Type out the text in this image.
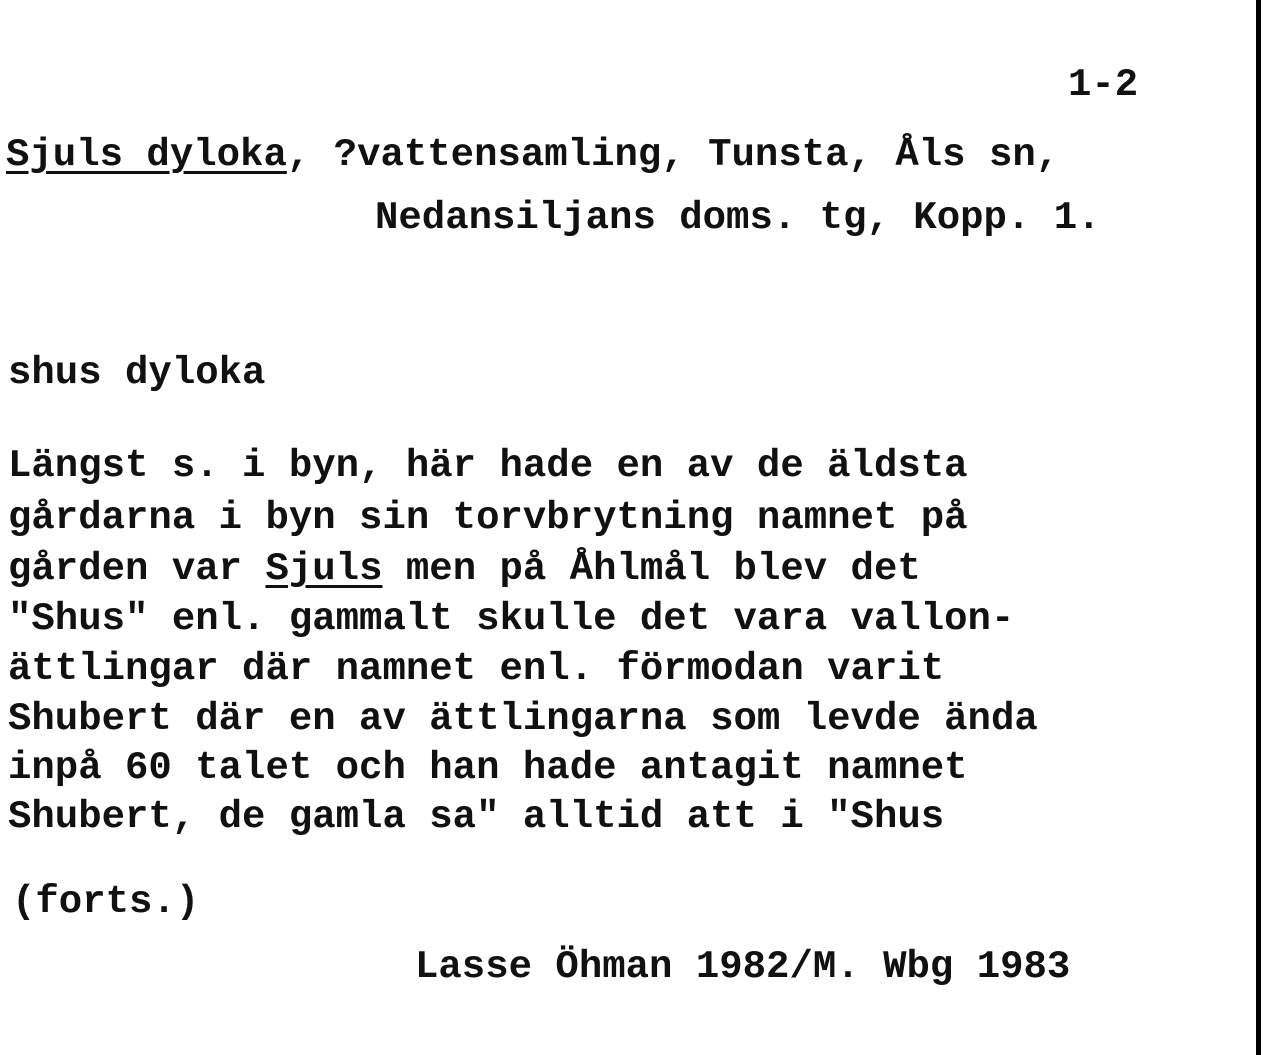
1-2
Sjuls dyloka, ?vattensamling, Tunsta, Åls sn,
Nedansiljans doms. tg, Kopp. 1.
shus dyloka
Längst s. i byn, här hade en av de äldsta
gårdarna i byn sin torvbrytning namnet på
gården var Sjuls men på Åhlmål blev det
"Shus" enl. gammalt skulle det vara vallon-
ättlingar där namnet enl. förmodan varit
Shubert där en av ättlingarna som levde ända
inpå 60 talet och han hade antagit namnet
Shubert, de gamla sa" alltid att i "Shus
(forts.)
Lasse Öhman 1982/M. Wbg 1983
